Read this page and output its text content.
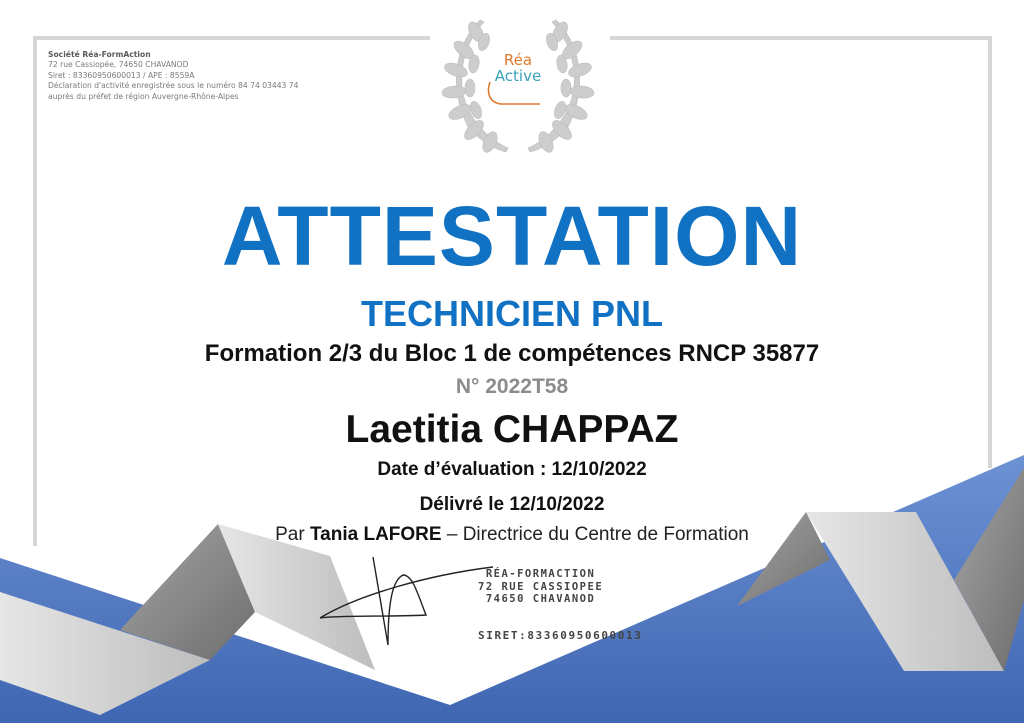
Société Réa-FormAction
72 rue Cassiopée, 74650 CHAVANOD
Siret : 83360950600013 / APE : 8559A
Déclaration d'activité enregistrée sous le numéro 84 74 03443 74
auprès du préfet de région Auvergne-Rhône-Alpes
Réa
Active
ATTESTATION
TECHNICIEN PNL
Formation 2/3 du Bloc 1 de compétences RNCP 35877
N° 2022T58
Laetitia CHAPPAZ
Date d’évaluation : 12/10/2022
Délivré le 12/10/2022
Par Tania LAFORE – Directrice du Centre de Formation
RÉA-FORMACTION
72 RUE CASSIOPEE
74650 CHAVANOD
SIRET:83360950600013
